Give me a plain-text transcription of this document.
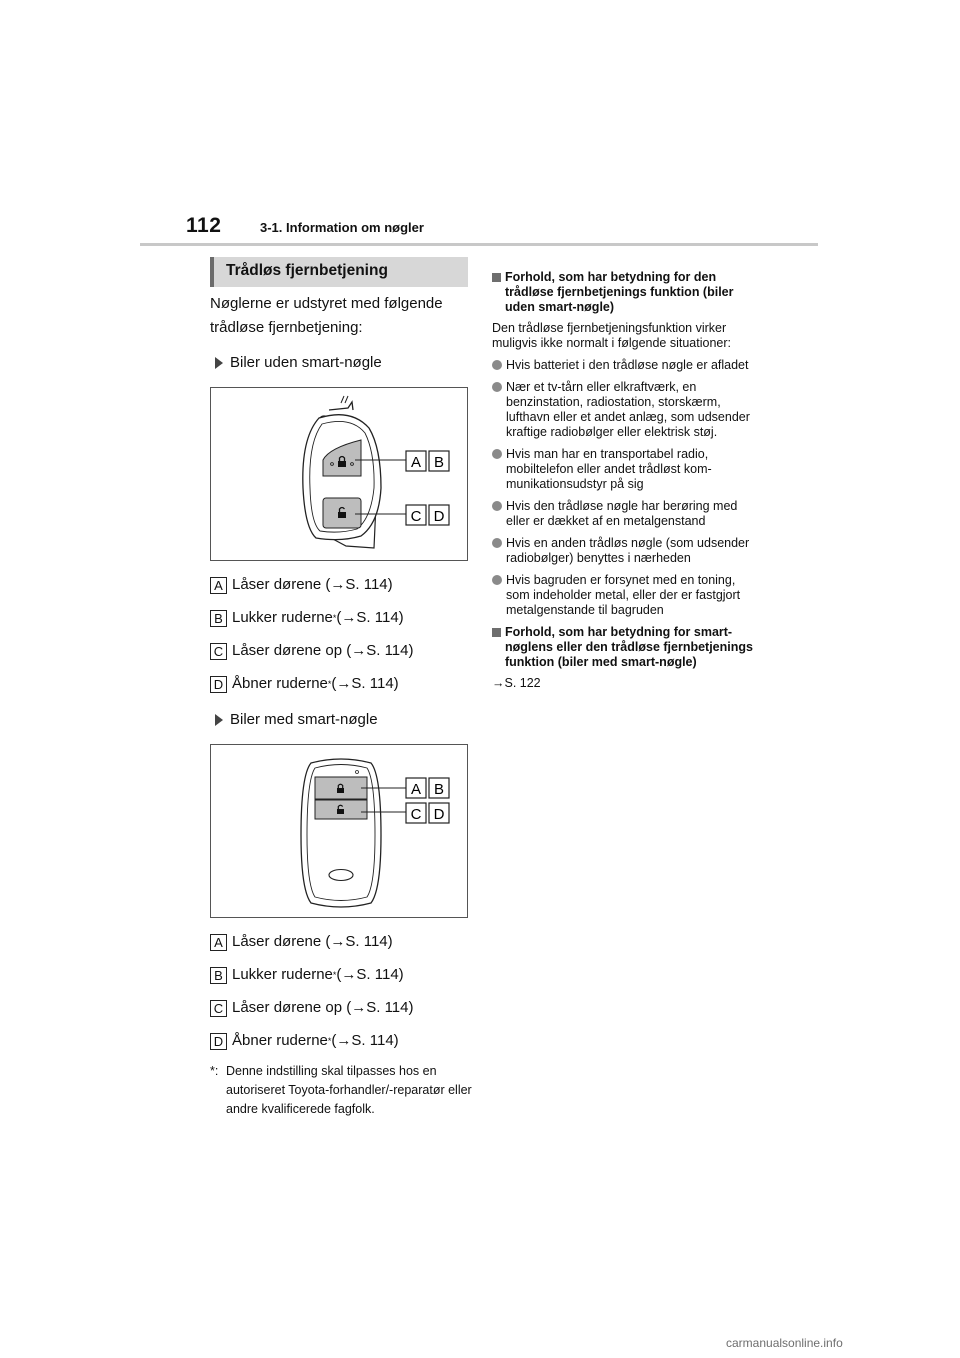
112	3-1. Information om nøgler
Trådløs fjernbetjening

Nøglerne er udstyret med følgende trådløse fjernbetjening:

Biler uden smart-nøgle
A B
C D
A Låser dørene (→S. 114)
B Lukker ruderne * (→S. 114)
C Låser dørene op (→S. 114)
D Åbner ruderne * (→S. 114)
Biler med smart-nøgle
A B
C D
A Låser dørene (→S. 114)
B Lukker ruderne * (→S. 114)
C Låser dørene op (→S. 114)
D Åbner ruderne * (→S. 114)
*: Denne indstilling skal tilpasses hos en autoriseret Toyota-forhandler/-reparatør eller andre kvalificerede fagfolk.
Forhold, som har betydning for den trådløse fjernbetjenings funktion (biler uden smart-nøgle)

Den trådløse fjernbetjeningsfunktion virker muligvis ikke normalt i følgende situationer:

Hvis batteriet i den trådløse nøgle er afladet
Nær et tv-tårn eller elkraftværk, en benzinstation, radiostation, storskærm, lufthavn eller et andet anlæg, som udsender kraftige radiobølger eller elektrisk støj.
Hvis man har en transportabel radio, mobiltelefon eller andet trådløst kommunikationsudstyr på sig
Hvis den trådløse nøgle har berøring med eller er dækket af en metalgenstand
Hvis en anden trådløs nøgle (som udsender radiobølger) benyttes i nærheden
Hvis bagruden er forsynet med en toning, som indeholder metal, eller der er fastgjort metalgenstande til bagruden
Forhold, som har betydning for smart-nøglens eller den trådløse fjernbetjenings funktion (biler med smart-nøgle)

→S. 122

carmanualsonline.info
